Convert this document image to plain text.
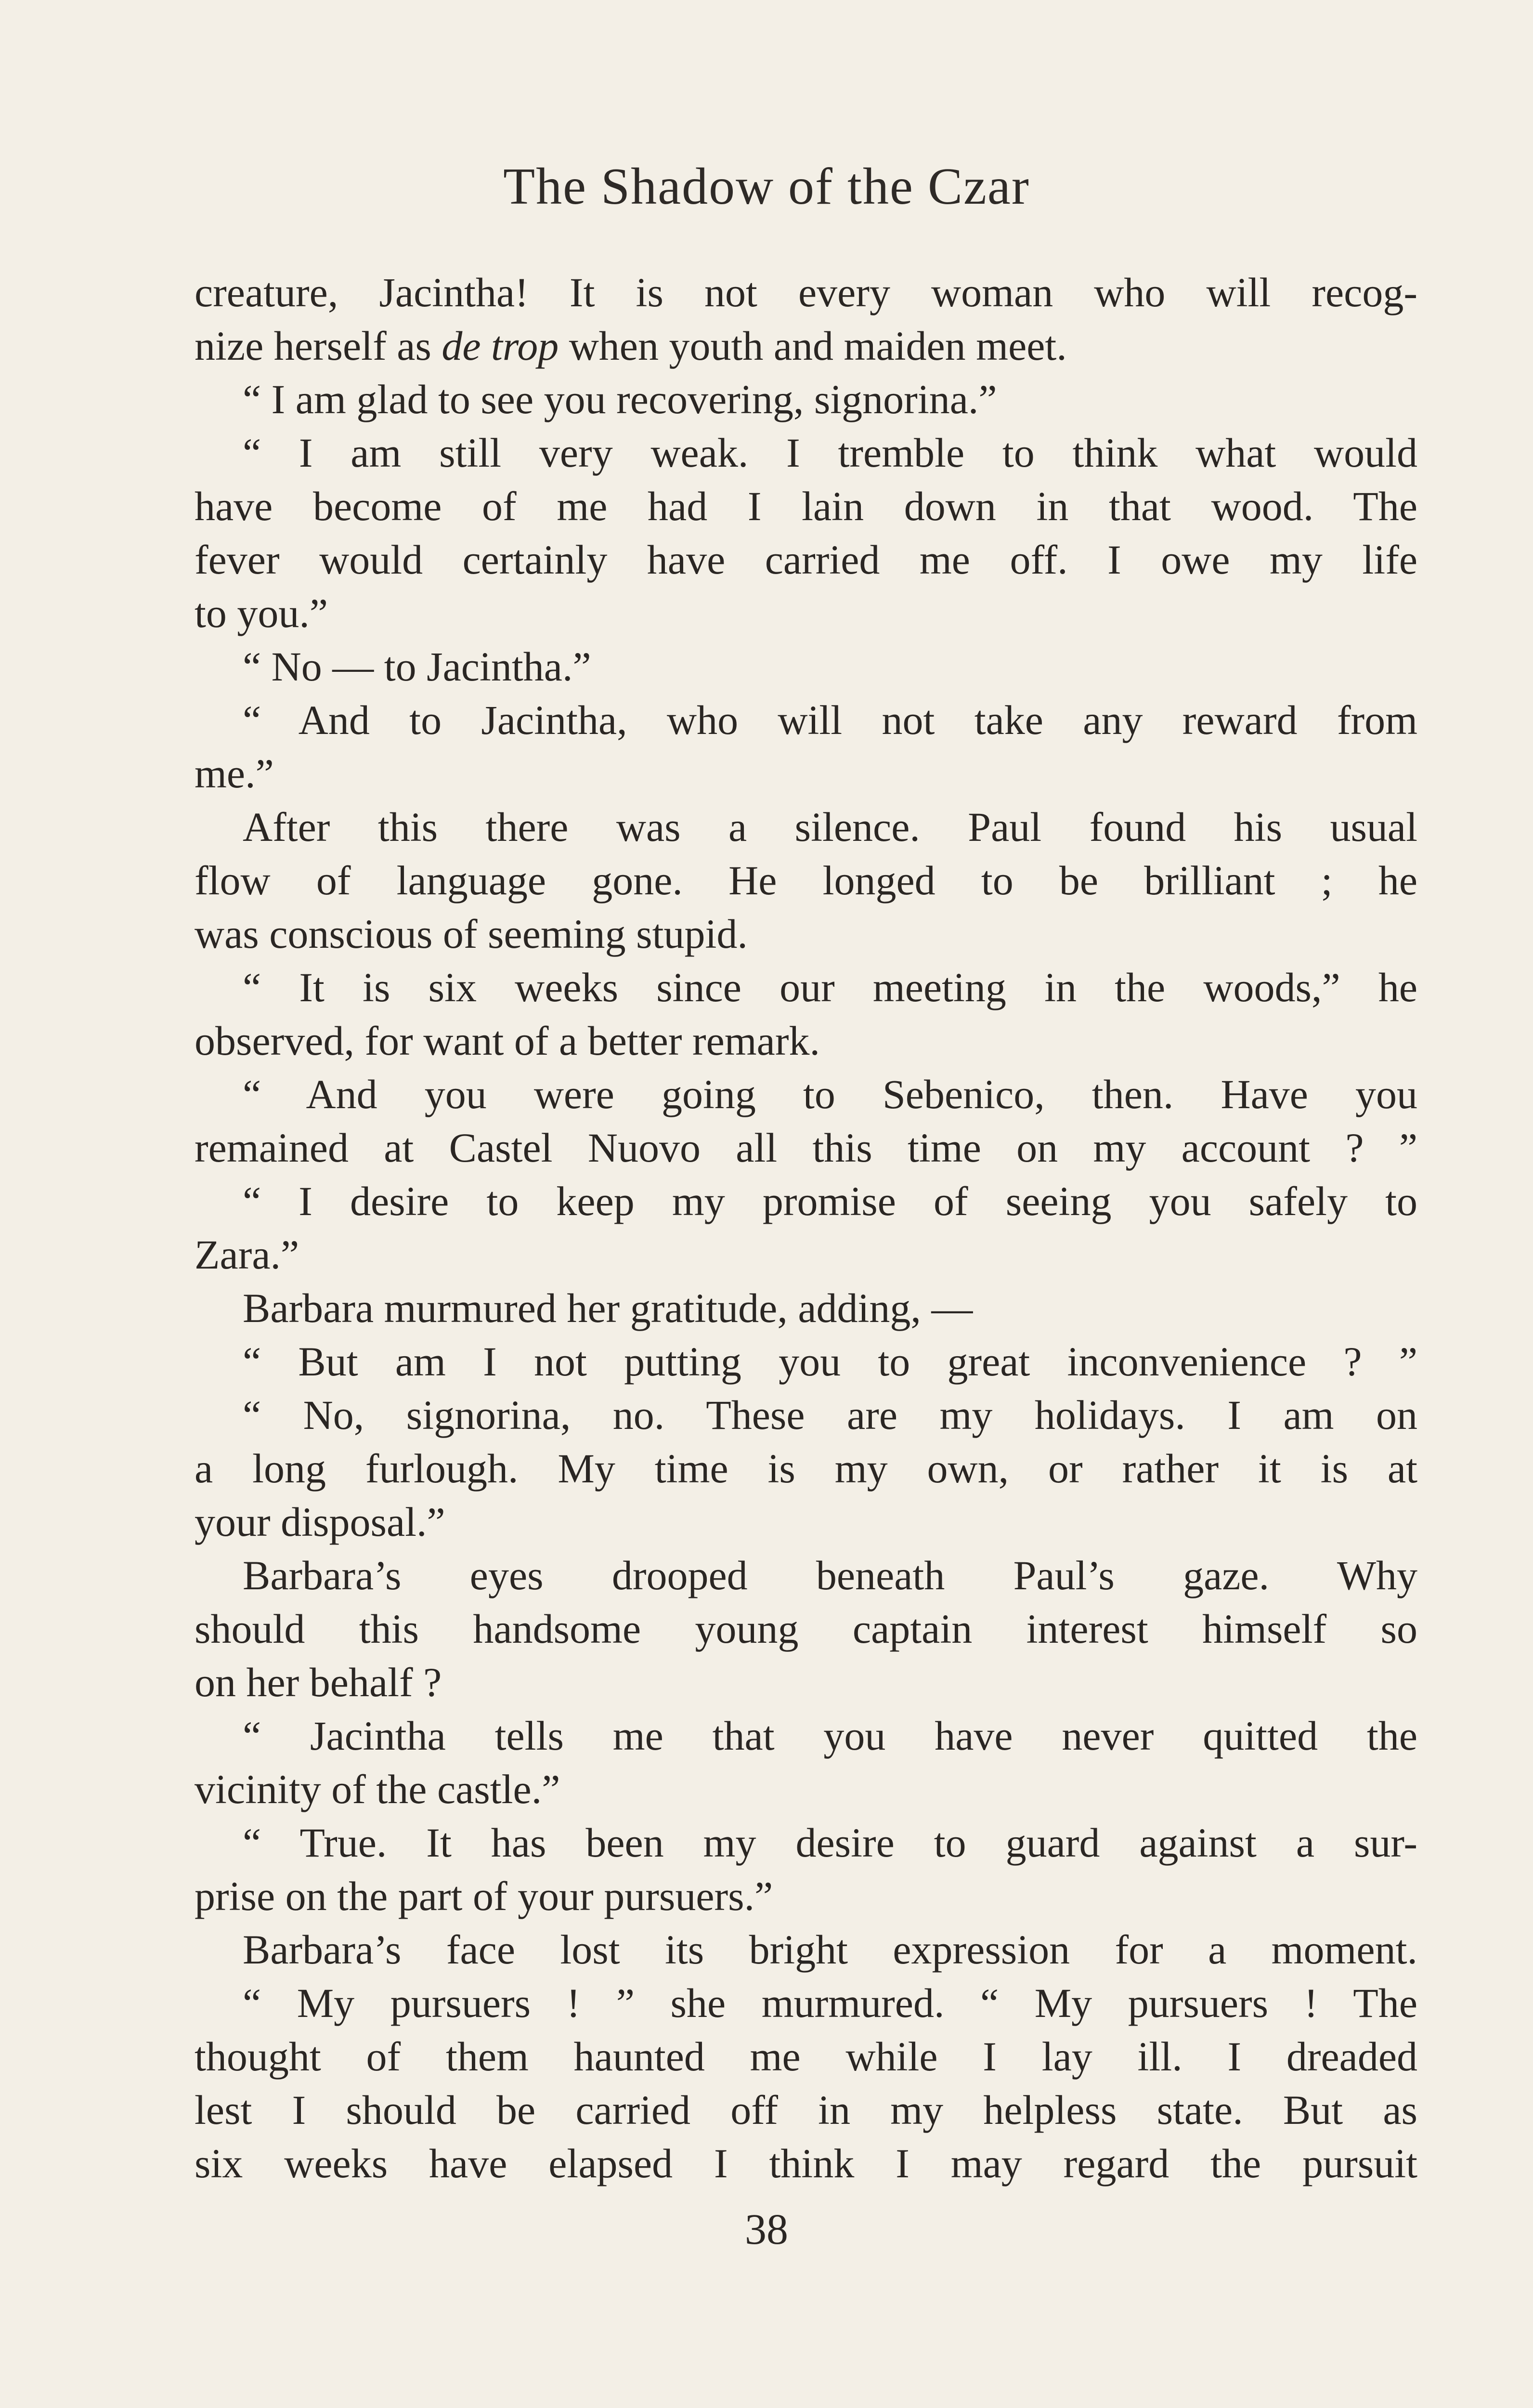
The Shadow of the Czar
creature, Jacintha! It is not every woman who will recog-
nize herself as de trop when youth and maiden meet.
“ I am glad to see you recovering, signorina.”
“ I am still very weak. I tremble to think what would
have become of me had I lain down in that wood. The
fever would certainly have carried me off. I owe my life
to you.”
“ No — to Jacintha.”
“ And to Jacintha, who will not take any reward from
me.”
After this there was a silence. Paul found his usual
flow of language gone. He longed to be brilliant ; he
was conscious of seeming stupid.
“ It is six weeks since our meeting in the woods,” he
observed, for want of a better remark.
“ And you were going to Sebenico, then. Have you
remained at Castel Nuovo all this time on my account ? ”
“ I desire to keep my promise of seeing you safely to
Zara.”
Barbara murmured her gratitude, adding, —
“ But am I not putting you to great inconvenience ? ”
“ No, signorina, no. These are my holidays. I am on
a long furlough. My time is my own, or rather it is at
your disposal.”
Barbara’s eyes drooped beneath Paul’s gaze. Why
should this handsome young captain interest himself so
on her behalf ?
“ Jacintha tells me that you have never quitted the
vicinity of the castle.”
“ True. It has been my desire to guard against a sur-
prise on the part of your pursuers.”
Barbara’s face lost its bright expression for a moment.
“ My pursuers ! ” she murmured. “ My pursuers ! The
thought of them haunted me while I lay ill. I dreaded
lest I should be carried off in my helpless state. But as
six weeks have elapsed I think I may regard the pursuit
38
